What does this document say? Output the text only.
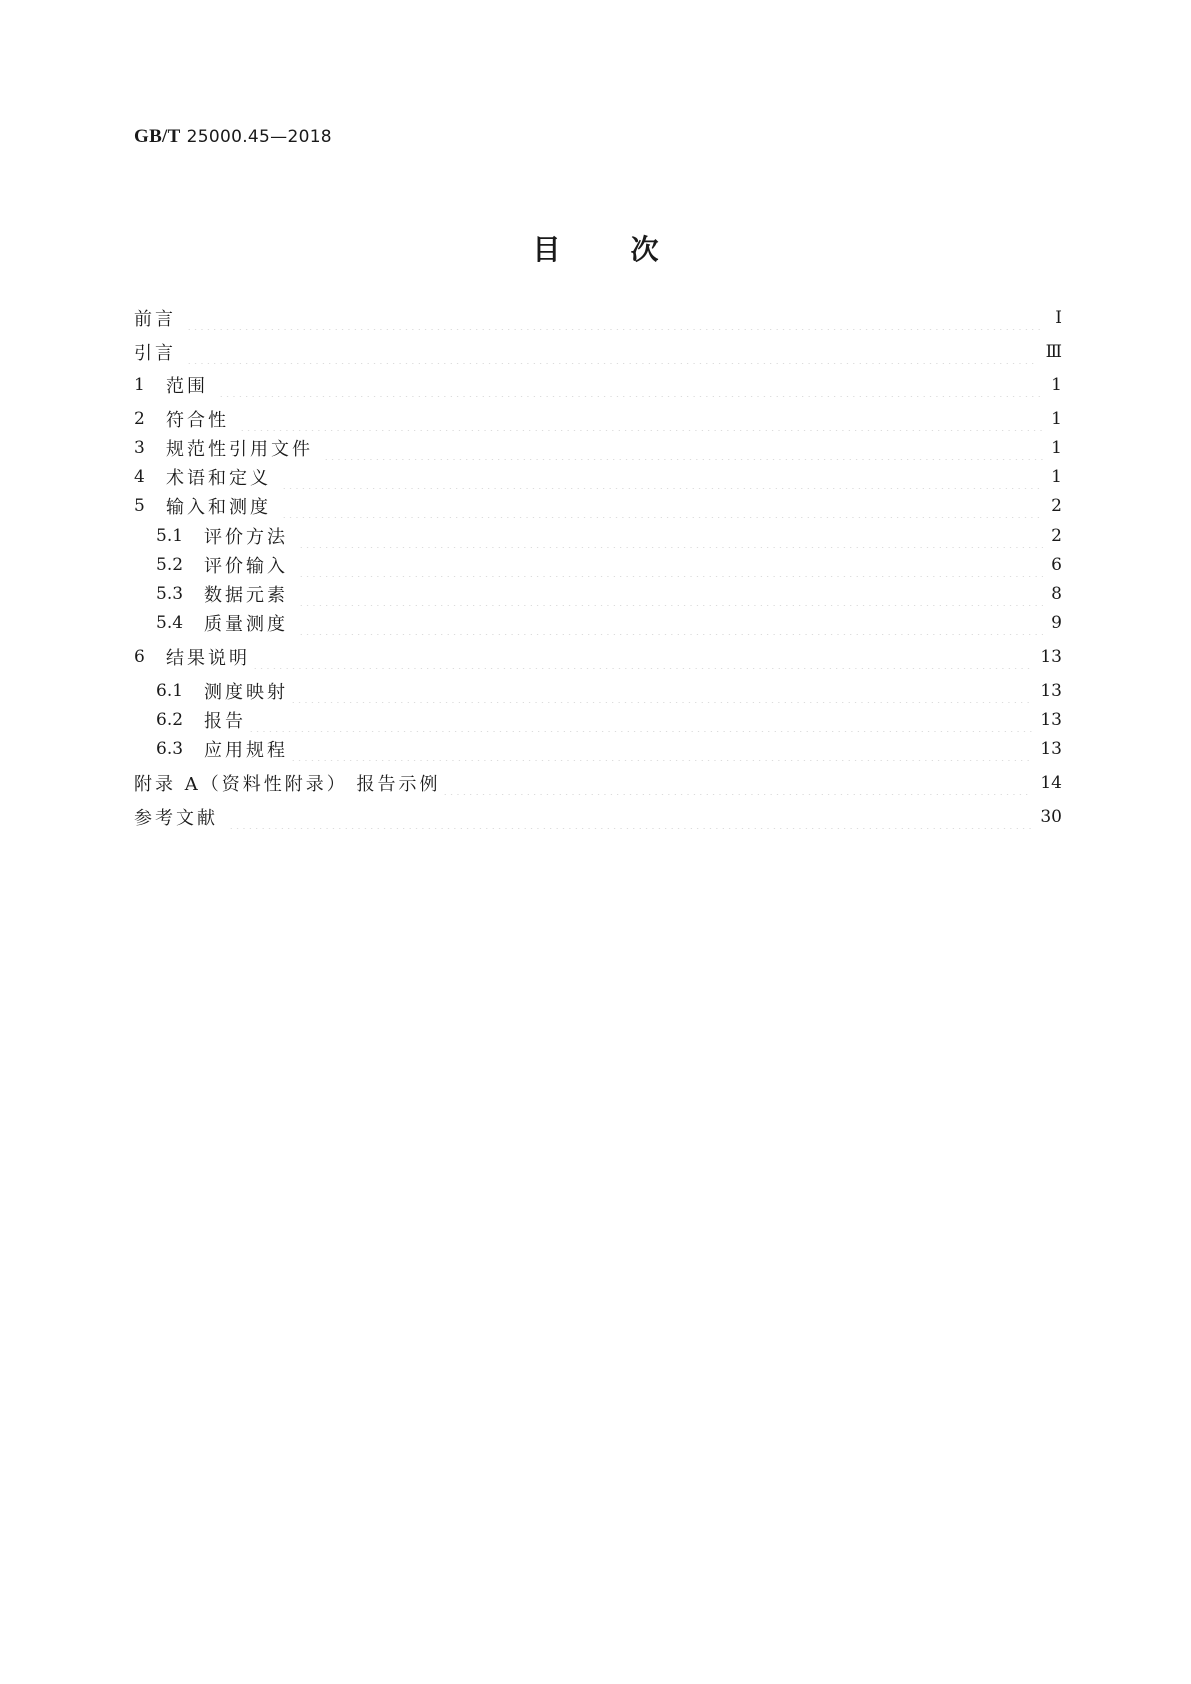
GB/T 25000.45—2018
目	次
前言	Ⅰ
引言	Ⅲ
1	范围	1
2	符合性	1
3	规范性引用文件	1
4	术语和定义	1
5	输入和测度	2
5.1	评价方法	2
5.2	评价输入	6
5.3	数据元素	8
5.4	质量测度	9
6	结果说明	13
6.1	测度映射	13
6.2	报告	13
6.3	应用规程	13
附录 A（资料性附录） 报告示例	14
参考文献	30
